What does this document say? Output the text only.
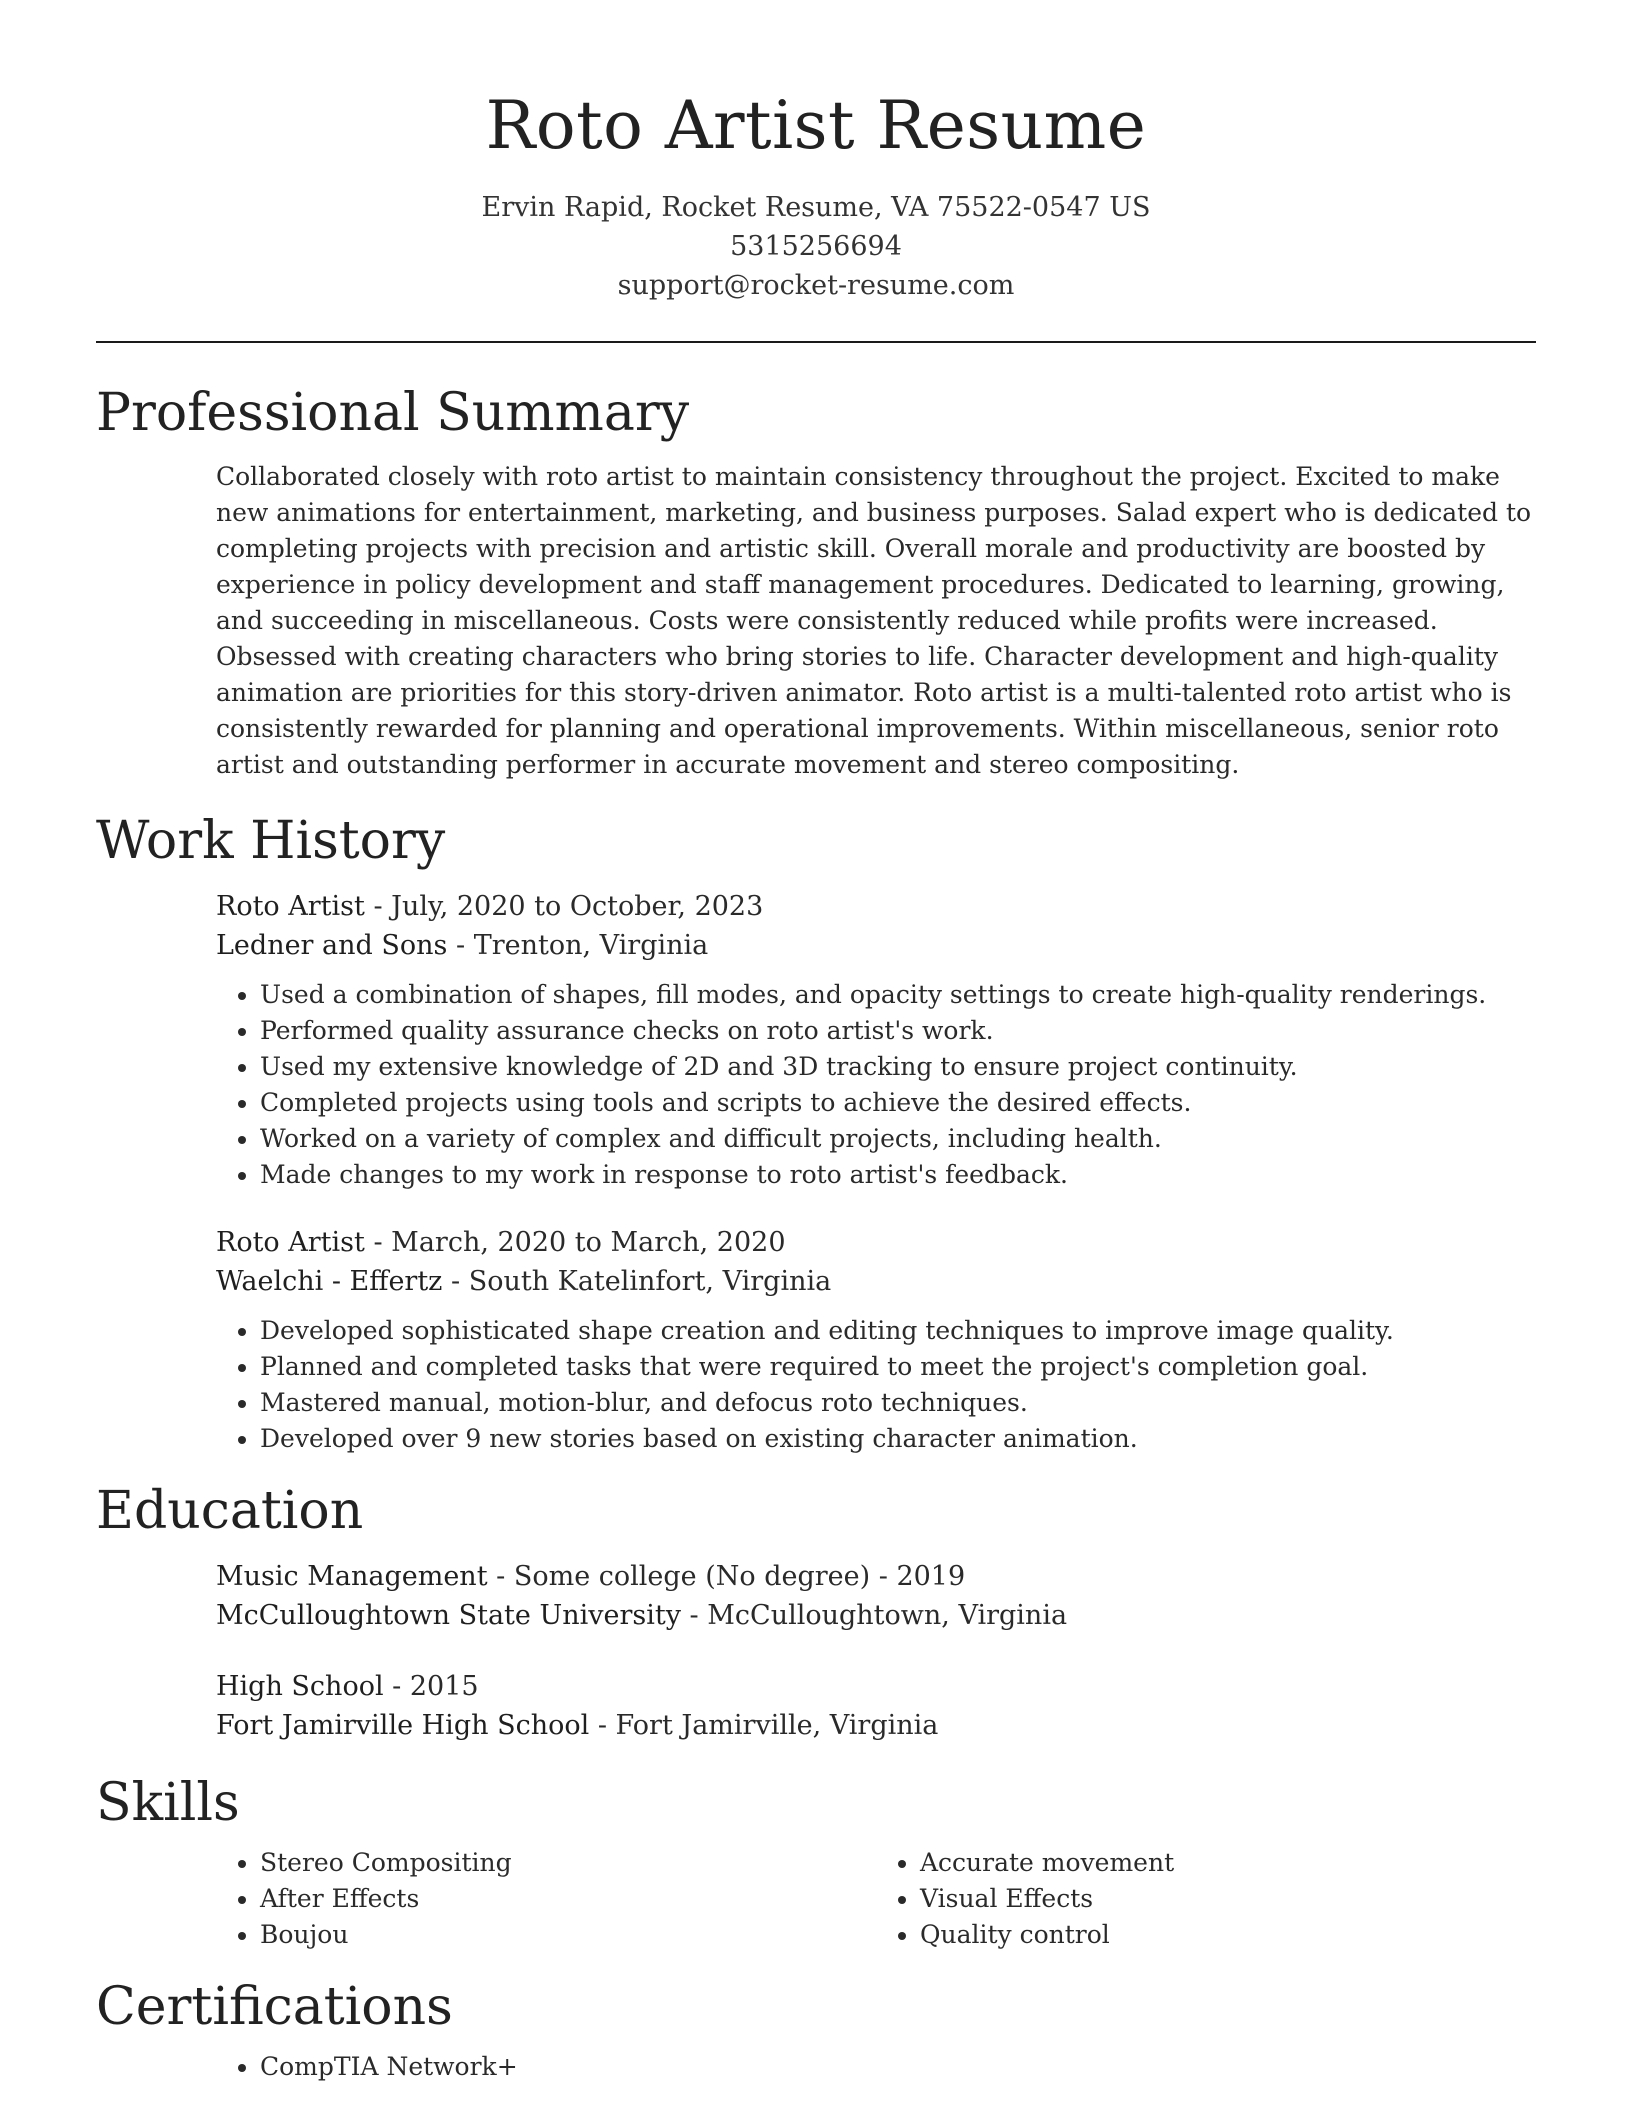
Roto Artist Resume
Ervin Rapid, Rocket Resume, VA 75522-0547 US
5315256694
support@rocket-resume.com
Professional Summary

Collaborated closely with roto artist to maintain consistency throughout the project. Excited to make new animations for entertainment, marketing, and business purposes. Salad expert who is dedicated to completing projects with precision and artistic skill. Overall morale and productivity are boosted by experience in policy development and staff management procedures. Dedicated to learning, growing, and succeeding in miscellaneous. Costs were consistently reduced while profits were increased. Obsessed with creating characters who bring stories to life. Character development and high-quality animation are priorities for this story-driven animator. Roto artist is a multi-talented roto artist who is consistently rewarded for planning and operational improvements. Within miscellaneous, senior roto artist and outstanding performer in accurate movement and stereo compositing.

Work History

Roto Artist - July, 2020 to October, 2023

Ledner and Sons - Trenton, Virginia

• Used a combination of shapes, fill modes, and opacity settings to create high-quality renderings.
• Performed quality assurance checks on roto artist's work.
• Used my extensive knowledge of 2D and 3D tracking to ensure project continuity.
• Completed projects using tools and scripts to achieve the desired effects.
• Worked on a variety of complex and difficult projects, including health.
• Made changes to my work in response to roto artist's feedback.

Roto Artist - March, 2020 to March, 2020

Waelchi - Effertz - South Katelinfort, Virginia

• Developed sophisticated shape creation and editing techniques to improve image quality.
• Planned and completed tasks that were required to meet the project's completion goal.
• Mastered manual, motion-blur, and defocus roto techniques.
• Developed over 9 new stories based on existing character animation.
Education

Music Management - Some college (No degree) - 2019

McCulloughtown State University - McCulloughtown, Virginia

High School - 2015

Fort Jamirville High School - Fort Jamirville, Virginia

Skills
• Stereo Compositing
• After Effects
• Boujou
• Accurate movement
• Visual Effects
• Quality control
Certifications
• CompTIA Network+
